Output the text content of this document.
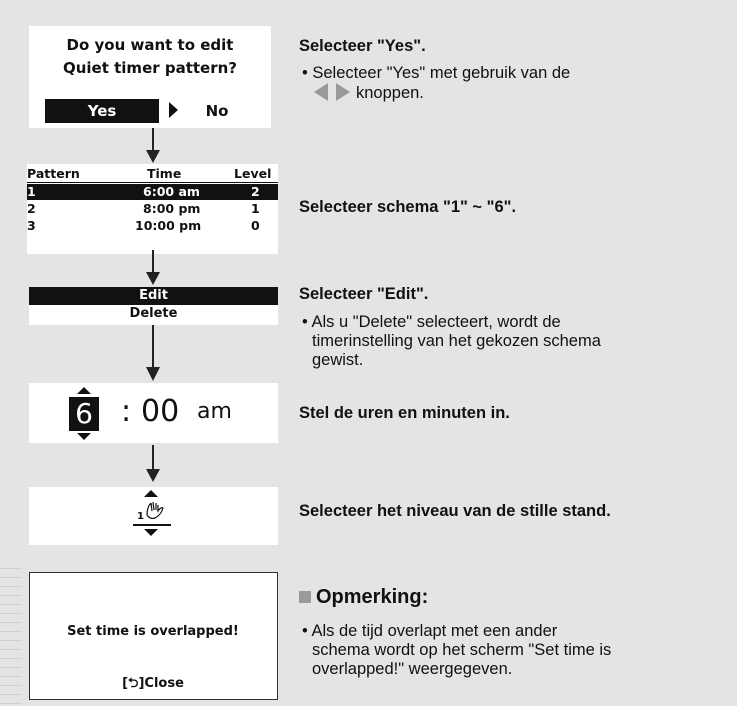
Do you want to edit
Quiet timer pattern?
Yes	No
Pattern	Time	Level
1	6:00 am	2
2	8:00 pm	1
3	10:00 pm	0
Edit
Delete
6 : 00 am
1
Set time is overlapped!
[⮌]Close
Selecteer "Yes".
• Selecteer "Yes" met gebruik van de
knoppen.
Selecteer schema "1" ~ "6".
Selecteer "Edit".
• Als u "Delete" selecteert, wordt de
timerinstelling van het gekozen schema
gewist.
Stel de uren en minuten in.
Selecteer het niveau van de stille stand.
Opmerking:
• Als de tijd overlapt met een ander
schema wordt op het scherm "Set time is
overlapped!" weergegeven.
